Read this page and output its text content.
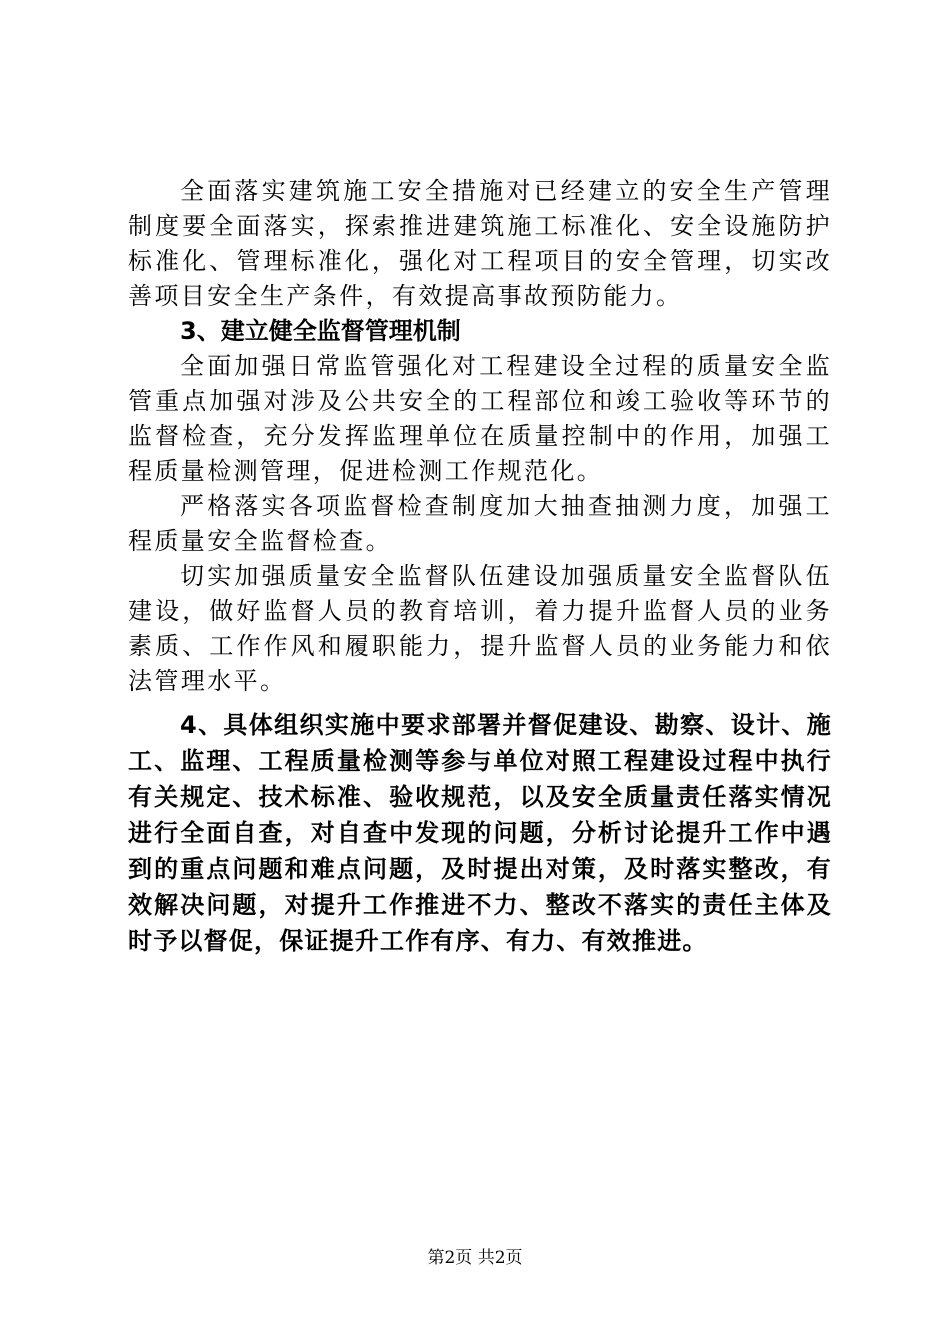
全面落实建筑施工安全措施对已经建立的安全生产管理制度要全面落实，探索推进建筑施工标准化、安全设施防护标准化、管理标准化，强化对工程项目的安全管理，切实改善项目安全生产条件，有效提高事故预防能力。

3、建立健全监督管理机制

全面加强日常监管强化对工程建设全过程的质量安全监管重点加强对涉及公共安全的工程部位和竣工验收等环节的监督检查，充分发挥监理单位在质量控制中的作用，加强工程质量检测管理，促进检测工作规范化。

严格落实各项监督检查制度加大抽查抽测力度，加强工程质量安全监督检查。

切实加强质量安全监督队伍建设加强质量安全监督队伍建设，做好监督人员的教育培训，着力提升监督人员的业务素质、工作作风和履职能力，提升监督人员的业务能力和依法管理水平。

4、具体组织实施中要求部署并督促建设、勘察、设计、施工、监理、工程质量检测等参与单位对照工程建设过程中执行有关规定、技术标准、验收规范，以及安全质量责任落实情况进行全面自查，对自查中发现的问题，分析讨论提升工作中遇到的重点问题和难点问题，及时提出对策，及时落实整改，有效解决问题，对提升工作推进不力、整改不落实的责任主体及时予以督促，保证提升工作有序、有力、有效推进。

第2页 共2页
